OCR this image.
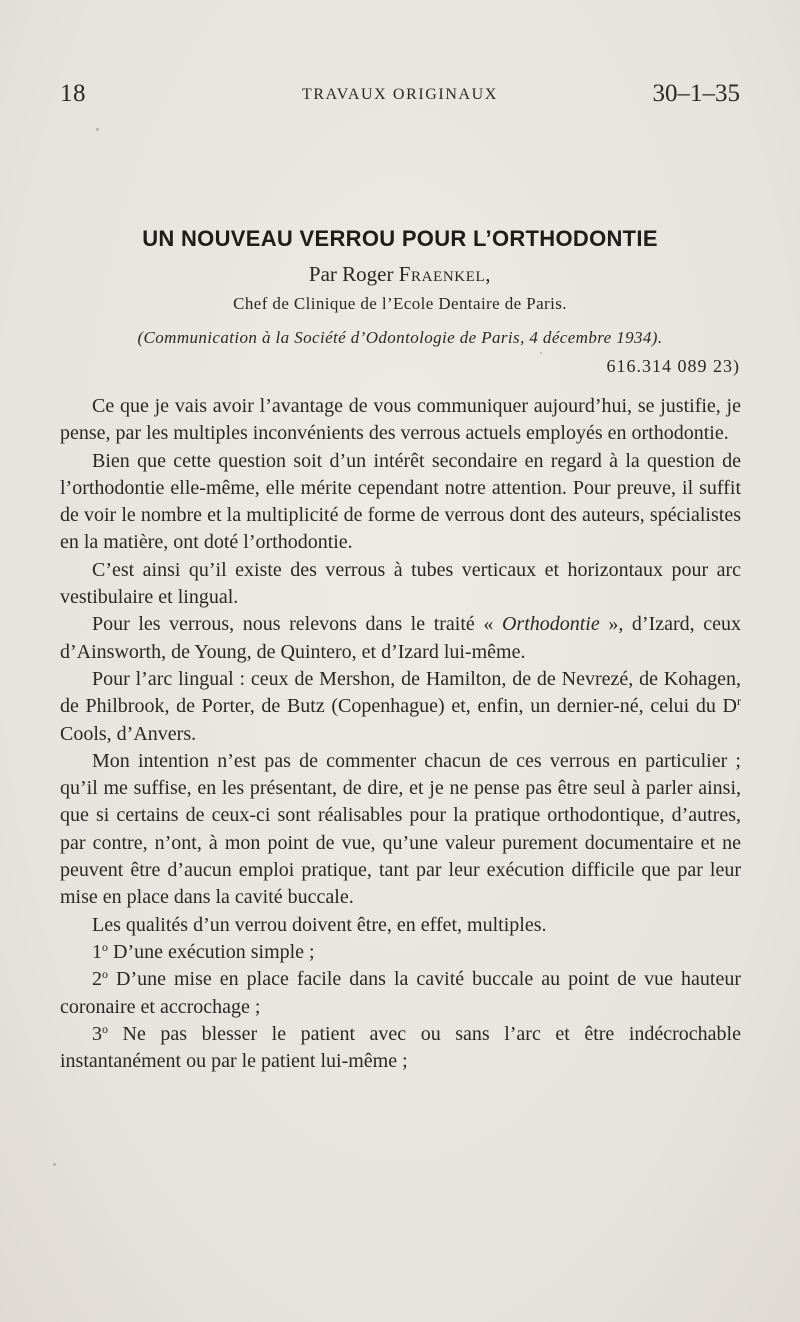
18	TRAVAUX ORIGINAUX	30–1–35
UN NOUVEAU VERROU POUR L’ORTHODONTIE
Par Roger Fraenkel,
Chef de Clinique de l’Ecole Dentaire de Paris.
(Communication à la Société d’Odontologie de Paris, 4 décembre 1934).
616.314 089 23)

Ce que je vais avoir l’avantage de vous communiquer aujourd’hui, se justifie, je pense, par les multiples inconvénients des verrous actuels employés en orthodontie.

Bien que cette question soit d’un intérêt secondaire en regard à la question de l’orthodontie elle-même, elle mérite cependant notre attention. Pour preuve, il suffit de voir le nombre et la multiplicité de forme de verrous dont des auteurs, spécialistes en la matière, ont doté l’orthodontie.

C’est ainsi qu’il existe des verrous à tubes verticaux et horizontaux pour arc vestibulaire et lingual.

Pour les verrous, nous relevons dans le traité « Orthodontie », d’Izard, ceux d’Ainsworth, de Young, de Quintero, et d’Izard lui-même.

Pour l’arc lingual : ceux de Mershon, de Hamilton, de de Nevrezé, de Kohagen, de Philbrook, de Porter, de Butz (Copenhague) et, enfin, un dernier-né, celui du $D^r$ Cools, d’Anvers.

Mon intention n’est pas de commenter chacun de ces verrous en particulier ; qu’il me suffise, en les présentant, de dire, et je ne pense pas être seul à parler ainsi, que si certains de ceux-ci sont réalisables pour la pratique orthodontique, d’autres, par contre, n’ont, à mon point de vue, qu’une valeur purement documentaire et ne peuvent être d’aucun emploi pratique, tant par leur exécution difficile que par leur mise en place dans la cavité buccale.

Les qualités d’un verrou doivent être, en effet, multiples.

1$^o$ D’une exécution simple ;

2$^o$ D’une mise en place facile dans la cavité buccale au point de vue hauteur coronaire et accrochage ;

3$^o$ Ne pas blesser le patient avec ou sans l’arc et être indécrochable instantanément ou par le patient lui-même ;
